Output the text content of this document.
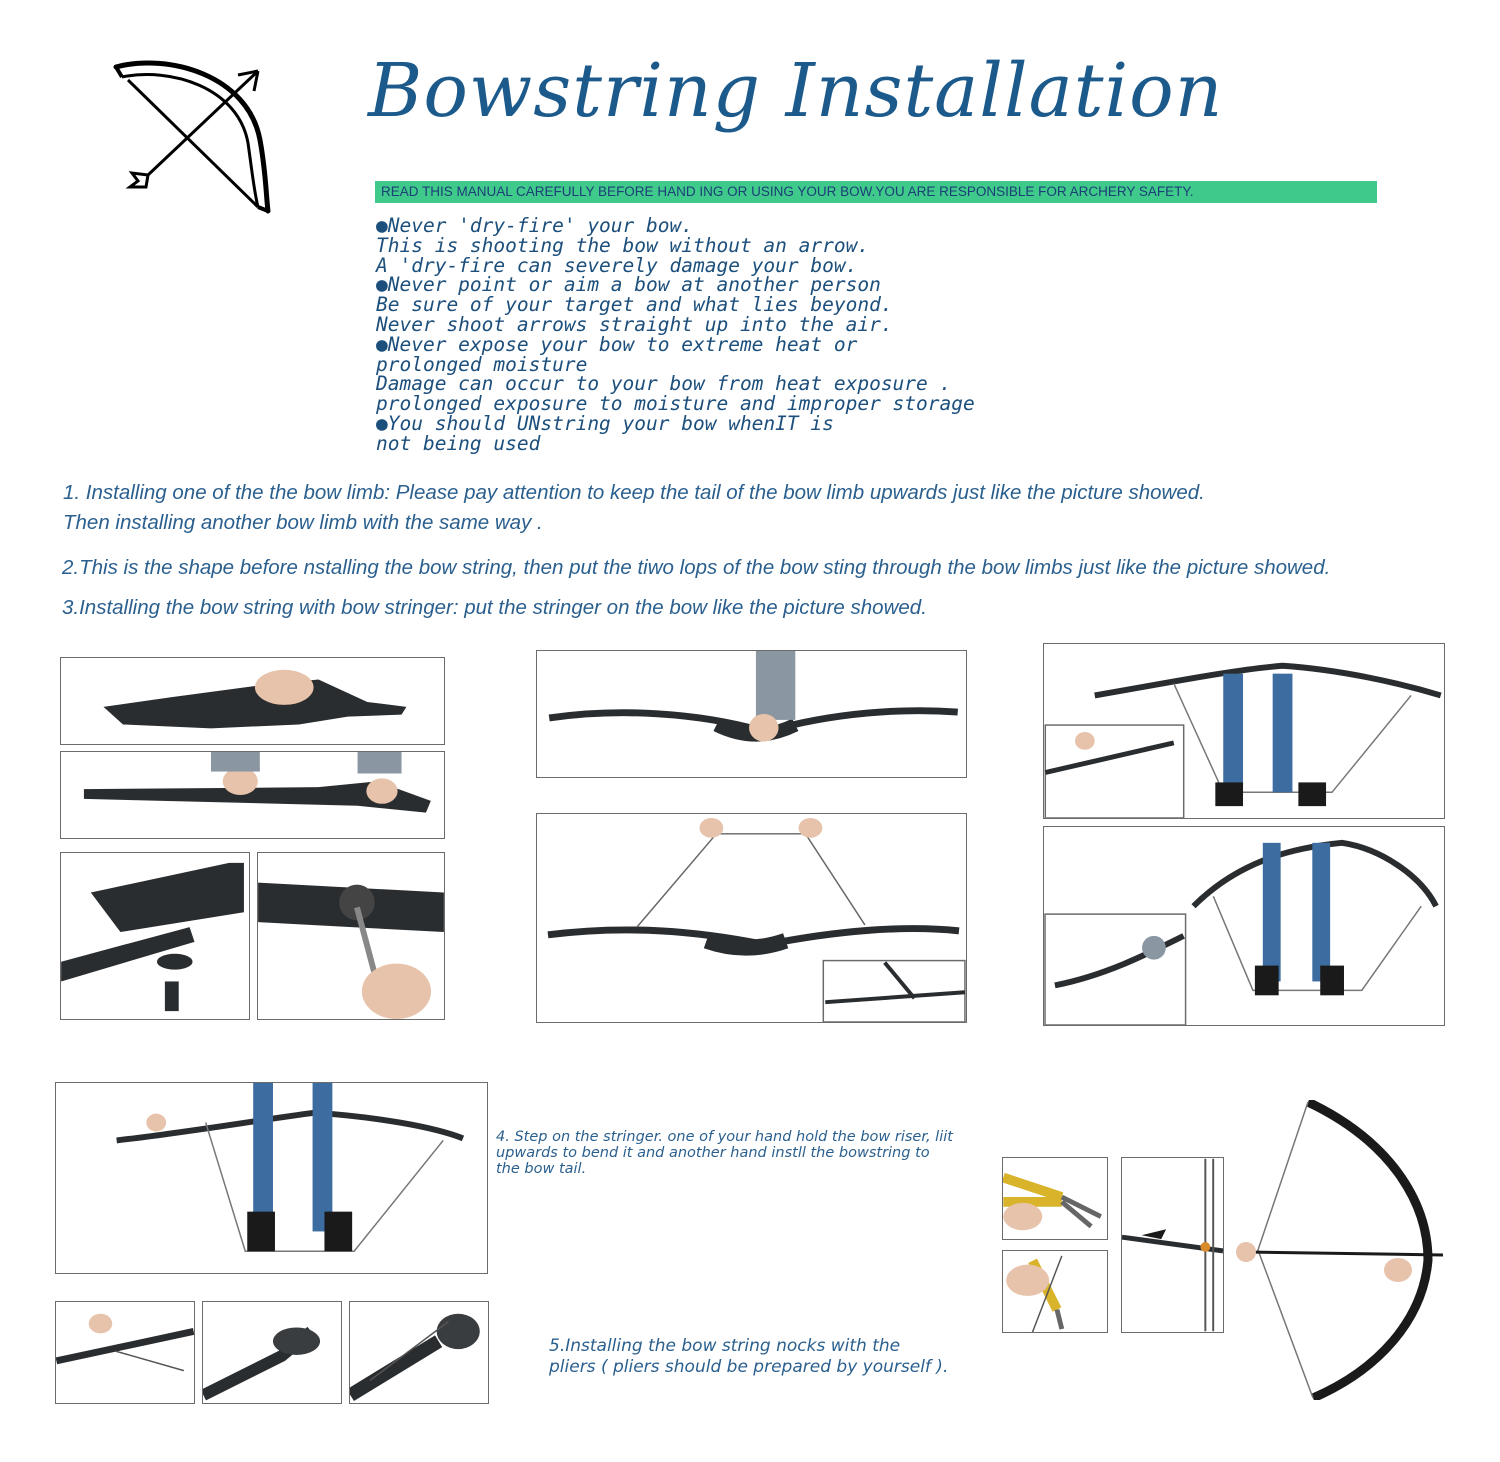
Bowstring Installation
READ THIS MANUAL CAREFULLY BEFORE HAND ING OR USING YOUR BOW.YOU ARE RESPONSIBLE FOR ARCHERY SAFETY.
●Never 'dry-fire' your bow.
This is shooting the bow without an arrow.
A 'dry-fire can severely damage your bow.
●Never point or aim a bow at another person
Be sure of your target and what lies beyond.
Never shoot arrows straight up into the air.
●Never expose your bow to extreme heat or
prolonged moisture
Damage can occur to your bow from heat exposure .
prolonged exposure to moisture and improper storage
●You should UNstring your bow whenIT is
not being used
1. Installing one of the the bow limb: Please pay attention to keep the tail of the bow limb upwards just like the picture showed.
Then installing another bow limb with the same way .
2.This is the shape before nstalling the bow string, then put the tiwo lops of the bow sting through the bow limbs just like the picture showed.
3.Installing the bow string with bow stringer: put the stringer on the bow like the picture showed.
4. Step on the stringer. one of your hand hold the bow riser, liit upwards to bend it and another hand instll the bowstring to the bow tail.
5.Installing the bow string nocks with the
pliers ( pliers should be prepared by yourself ).
